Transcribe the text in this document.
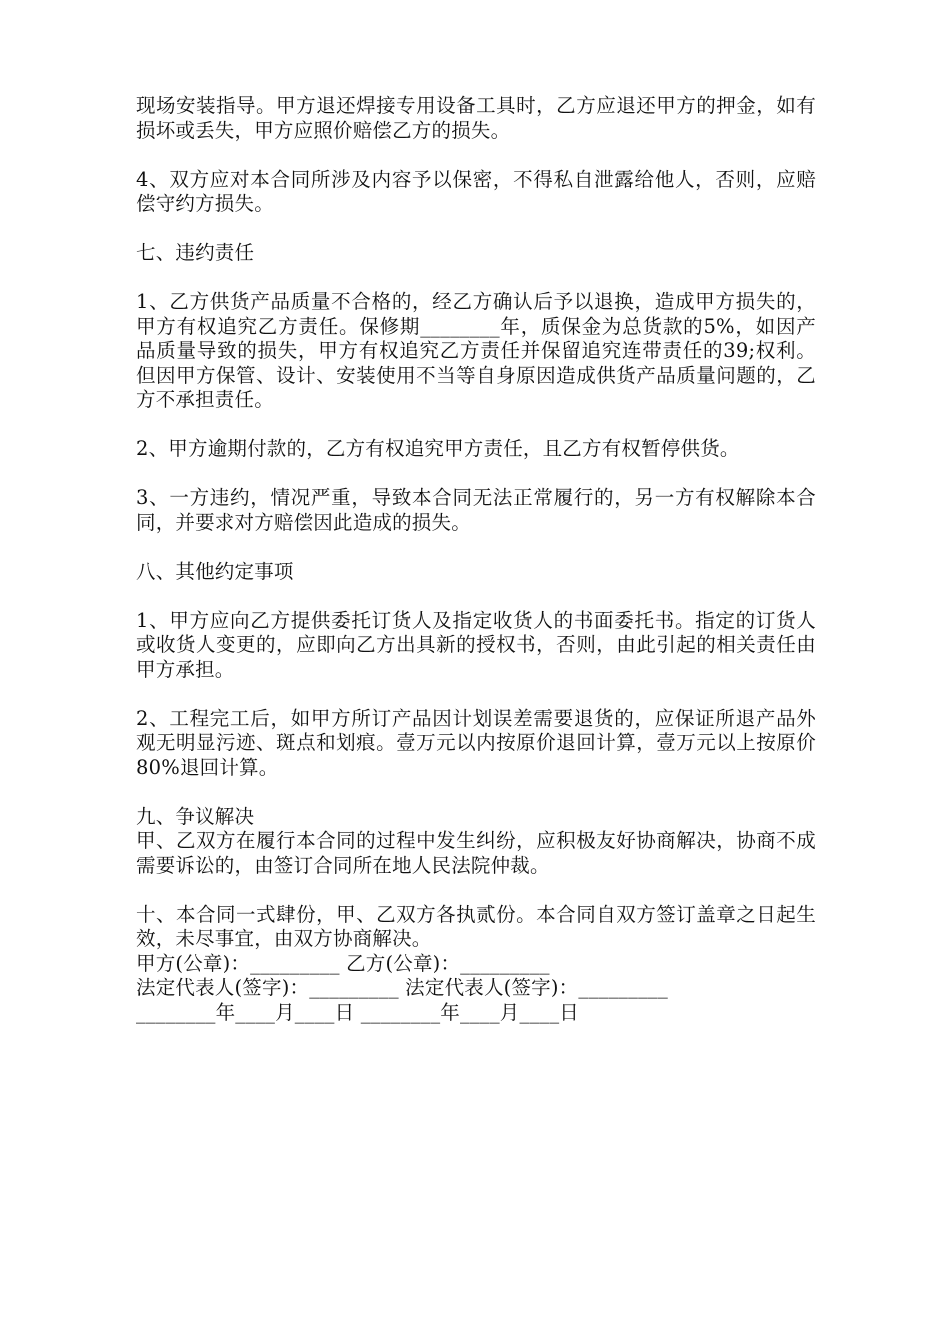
现场安装指导。甲方退还焊接专用设备工具时，乙方应退还甲方的押金，如有损坏或丢失，甲方应照价赔偿乙方的损失。

4、双方应对本合同所涉及内容予以保密，不得私自泄露给他人，否则，应赔偿守约方损失。

七、违约责任

1、乙方供货产品质量不合格的，经乙方确认后予以退换，造成甲方损失的，甲方有权追究乙方责任。保修期________年，质保金为总货款的5%，如因产品质量导致的损失，甲方有权追究乙方责任并保留追究连带责任的39;权利。但因甲方保管、设计、安装使用不当等自身原因造成供货产品质量问题的，乙方不承担责任。

2、甲方逾期付款的，乙方有权追究甲方责任，且乙方有权暂停供货。

3、一方违约，情况严重，导致本合同无法正常履行的，另一方有权解除本合同，并要求对方赔偿因此造成的损失。

八、其他约定事项

1、甲方应向乙方提供委托订货人及指定收货人的书面委托书。指定的订货人或收货人变更的，应即向乙方出具新的授权书，否则，由此引起的相关责任由甲方承担。

2、工程完工后，如甲方所订产品因计划误差需要退货的，应保证所退产品外观无明显污迹、斑点和划痕。壹万元以内按原价退回计算，壹万元以上按原价80%退回计算。

九、争议解决

甲、乙双方在履行本合同的过程中发生纠纷，应积极友好协商解决，协商不成需要诉讼的，由签订合同所在地人民法院仲裁。

十、本合同一式肆份，甲、乙双方各执贰份。本合同自双方签订盖章之日起生效，未尽事宜，由双方协商解决。

甲方(公章)：_________ 乙方(公章)：_________

法定代表人(签字)：_________ 法定代表人(签字)：_________

________年____月____日 ________年____月____日
